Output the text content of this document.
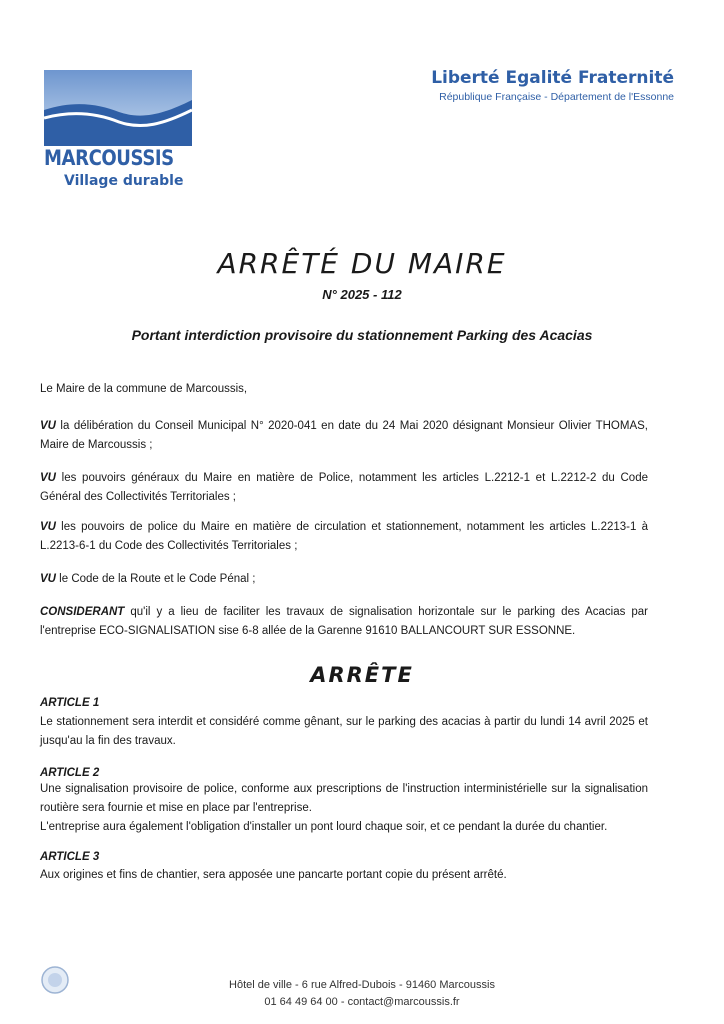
MARCOUSSIS
Village durable
Liberté Egalité Fraternité
République Française - Département de l'Essonne
ARRÊTÉ DU MAIRE
N° 2025 - 112
Portant interdiction provisoire du stationnement Parking des Acacias
Le Maire de la commune de Marcoussis,
VU la délibération du Conseil Municipal N° 2020-041 en date du 24 Mai 2020 désignant Monsieur Olivier THOMAS, Maire de Marcoussis ;
VU les pouvoirs généraux du Maire en matière de Police, notamment les articles L.2212-1 et L.2212-2 du Code Général des Collectivités Territoriales ;
VU les pouvoirs de police du Maire en matière de circulation et stationnement, notamment les articles L.2213-1 à L.2213-6-1 du Code des Collectivités Territoriales ;
VU le Code de la Route et le Code Pénal ;
CONSIDERANT qu'il y a lieu de faciliter les travaux de signalisation horizontale sur le parking des Acacias par l'entreprise ECO-SIGNALISATION sise 6-8 allée de la Garenne 91610 BALLANCOURT SUR ESSONNE.
ARRÊTE
ARTICLE 1
Le stationnement sera interdit et considéré comme gênant, sur le parking des acacias à partir du lundi 14 avril 2025 et jusqu'au la fin des travaux.
ARTICLE 2
Une signalisation provisoire de police, conforme aux prescriptions de l'instruction interministérielle sur la signalisation routière sera fournie et mise en place par l'entreprise.
L'entreprise aura également l'obligation d'installer un pont lourd chaque soir, et ce pendant la durée du chantier.
ARTICLE 3
Aux origines et fins de chantier, sera apposée une pancarte portant copie du présent arrêté.
Hôtel de ville - 6 rue Alfred-Dubois - 91460 Marcoussis
01 64 49 64 00 - contact@marcoussis.fr
